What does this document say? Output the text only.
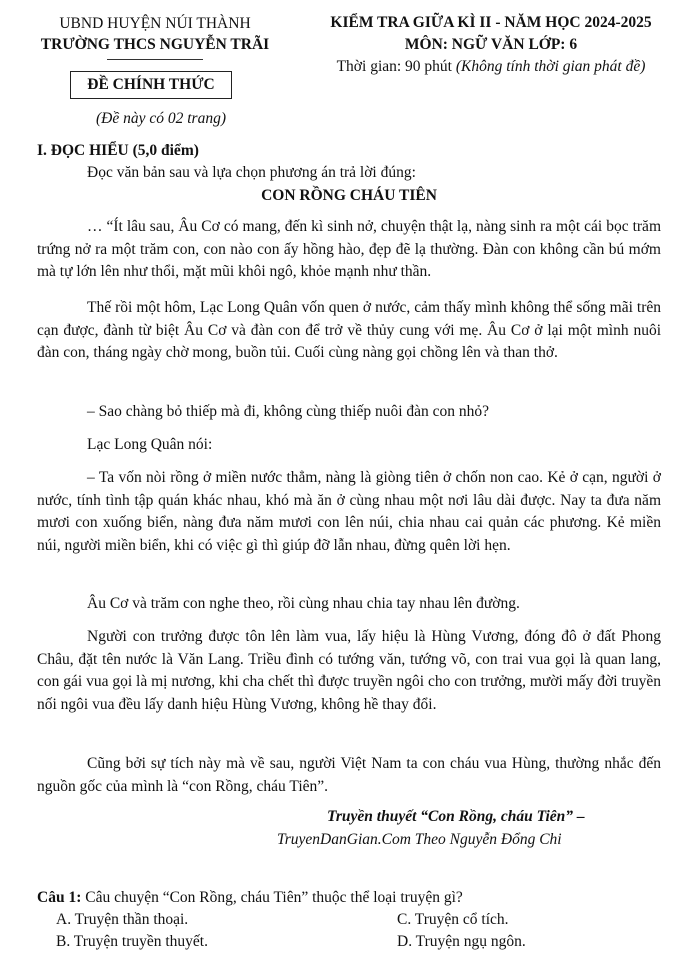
UBND HUYỆN NÚI THÀNH
TRƯỜNG THCS NGUYỄN TRÃI
ĐỀ CHÍNH THỨC
(Đề này có 02 trang)
KIỂM TRA GIỮA KÌ II - NĂM HỌC 2024-2025
MÔN: NGỮ VĂN LỚP: 6
Thời gian: 90 phút (Không tính thời gian phát đề)
I. ĐỌC HIỂU (5,0 điểm)
Đọc văn bản sau và lựa chọn phương án trả lời đúng:
CON RỒNG CHÁU TIÊN

… “Ít lâu sau, Âu Cơ có mang, đến kì sinh nở, chuyện thật lạ, nàng sinh ra một cái bọc trăm trứng nở ra một trăm con, con nào con ấy hồng hào, đẹp đẽ lạ thường. Đàn con không cần bú mớm mà tự lớn lên như thổi, mặt mũi khôi ngô, khỏe mạnh như thần.

Thế rồi một hôm, Lạc Long Quân vốn quen ở nước, cảm thấy mình không thể sống mãi trên cạn được, đành từ biệt Âu Cơ và đàn con để trở về thủy cung với mẹ. Âu Cơ ở lại một mình nuôi đàn con, tháng ngày chờ mong, buồn tủi. Cuối cùng nàng gọi chồng lên và than thở.

– Sao chàng bỏ thiếp mà đi, không cùng thiếp nuôi đàn con nhỏ?

Lạc Long Quân nói:

– Ta vốn nòi rồng ở miền nước thẳm, nàng là giòng tiên ở chốn non cao. Kẻ ở cạn, người ở nước, tính tình tập quán khác nhau, khó mà ăn ở cùng nhau một nơi lâu dài được. Nay ta đưa năm mươi con xuống biển, nàng đưa năm mươi con lên núi, chia nhau cai quản các phương. Kẻ miền núi, người miền biển, khi có việc gì thì giúp đỡ lẫn nhau, đừng quên lời hẹn.

Âu Cơ và trăm con nghe theo, rồi cùng nhau chia tay nhau lên đường.

Người con trưởng được tôn lên làm vua, lấy hiệu là Hùng Vương, đóng đô ở đất Phong Châu, đặt tên nước là Văn Lang. Triều đình có tướng văn, tướng võ, con trai vua gọi là quan lang, con gái vua gọi là mị nương, khi cha chết thì được truyền ngôi cho con trưởng, mười mấy đời truyền nối ngôi vua đều lấy danh hiệu Hùng Vương, không hề thay đổi.

Cũng bởi sự tích này mà về sau, người Việt Nam ta con cháu vua Hùng, thường nhắc đến nguồn gốc của mình là “con Rồng, cháu Tiên”.

Truyền thuyết “Con Rồng, cháu Tiên” –
TruyenDanGian.Com Theo Nguyễn Đổng Chi
Câu 1: Câu chuyện “Con Rồng, cháu Tiên” thuộc thể loại truyện gì?
A. Truyện thần thoại.	C. Truyện cổ tích.
B. Truyện truyền thuyết.	D. Truyện ngụ ngôn.
